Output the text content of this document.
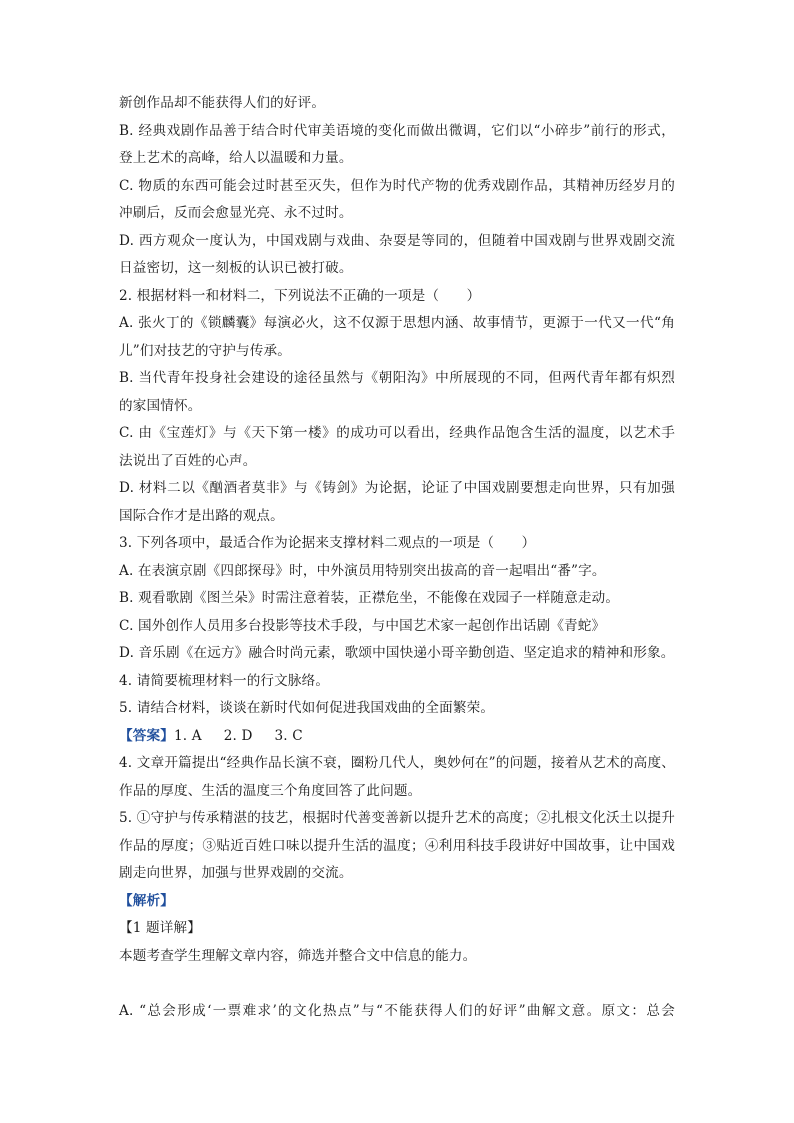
新创作品却不能获得人们的好评。
B. 经典戏剧作品善于结合时代审美语境的变化而做出微调，它们以“小碎步”前行的形式，
登上艺术的高峰，给人以温暖和力量。
C. 物质的东西可能会过时甚至灭失，但作为时代产物的优秀戏剧作品，其精神历经岁月的
冲刷后，反而会愈显光亮、永不过时。
D. 西方观众一度认为，中国戏剧与戏曲、杂耍是等同的，但随着中国戏剧与世界戏剧交流
日益密切，这一刻板的认识已被打破。
2. 根据材料一和材料二，下列说法不正确的一项是（　　）
A. 张火丁的《锁麟囊》每演必火，这不仅源于思想内涵、故事情节，更源于一代又一代“角
儿”们对技艺的守护与传承。
B. 当代青年投身社会建设的途径虽然与《朝阳沟》中所展现的不同，但两代青年都有炽烈
的家国情怀。
C. 由《宝莲灯》与《天下第一楼》的成功可以看出，经典作品饱含生活的温度，以艺术手
法说出了百姓的心声。
D. 材料二以《酗酒者莫非》与《铸剑》为论据，论证了中国戏剧要想走向世界，只有加强
国际合作才是出路的观点。
3. 下列各项中，最适合作为论据来支撑材料二观点的一项是（　　）
A. 在表演京剧《四郎探母》时，中外演员用特别突出拔高的音一起唱出“番”字。
B. 观看歌剧《图兰朵》时需注意着装，正襟危坐，不能像在戏园子一样随意走动。
C. 国外创作人员用多台投影等技术手段，与中国艺术家一起创作出话剧《青蛇》
D. 音乐剧《在远方》融合时尚元素，歌颂中国快递小哥辛勤创造、坚定追求的精神和形象。
4. 请简要梳理材料一的行文脉络。
5. 请结合材料，谈谈在新时代如何促进我国戏曲的全面繁荣。
【答案】1. A 2. D 3. C
4. 文章开篇提出“经典作品长演不衰，圈粉几代人，奥妙何在”的问题，接着从艺术的高度、
作品的厚度、生活的温度三个角度回答了此问题。
5. ①守护与传承精湛的技艺，根据时代善变善新以提升艺术的高度；②扎根文化沃土以提升
作品的厚度；③贴近百姓口味以提升生活的温度；④利用科技手段讲好中国故事，让中国戏
剧走向世界，加强与世界戏剧的交流。
【解析】
【1 题详解】
本题考查学生理解文章内容，筛选并整合文中信息的能力。
A. “总会形成‘一票难求’的文化热点”与“不能获得人们的好评”曲解文意。原文：总会
